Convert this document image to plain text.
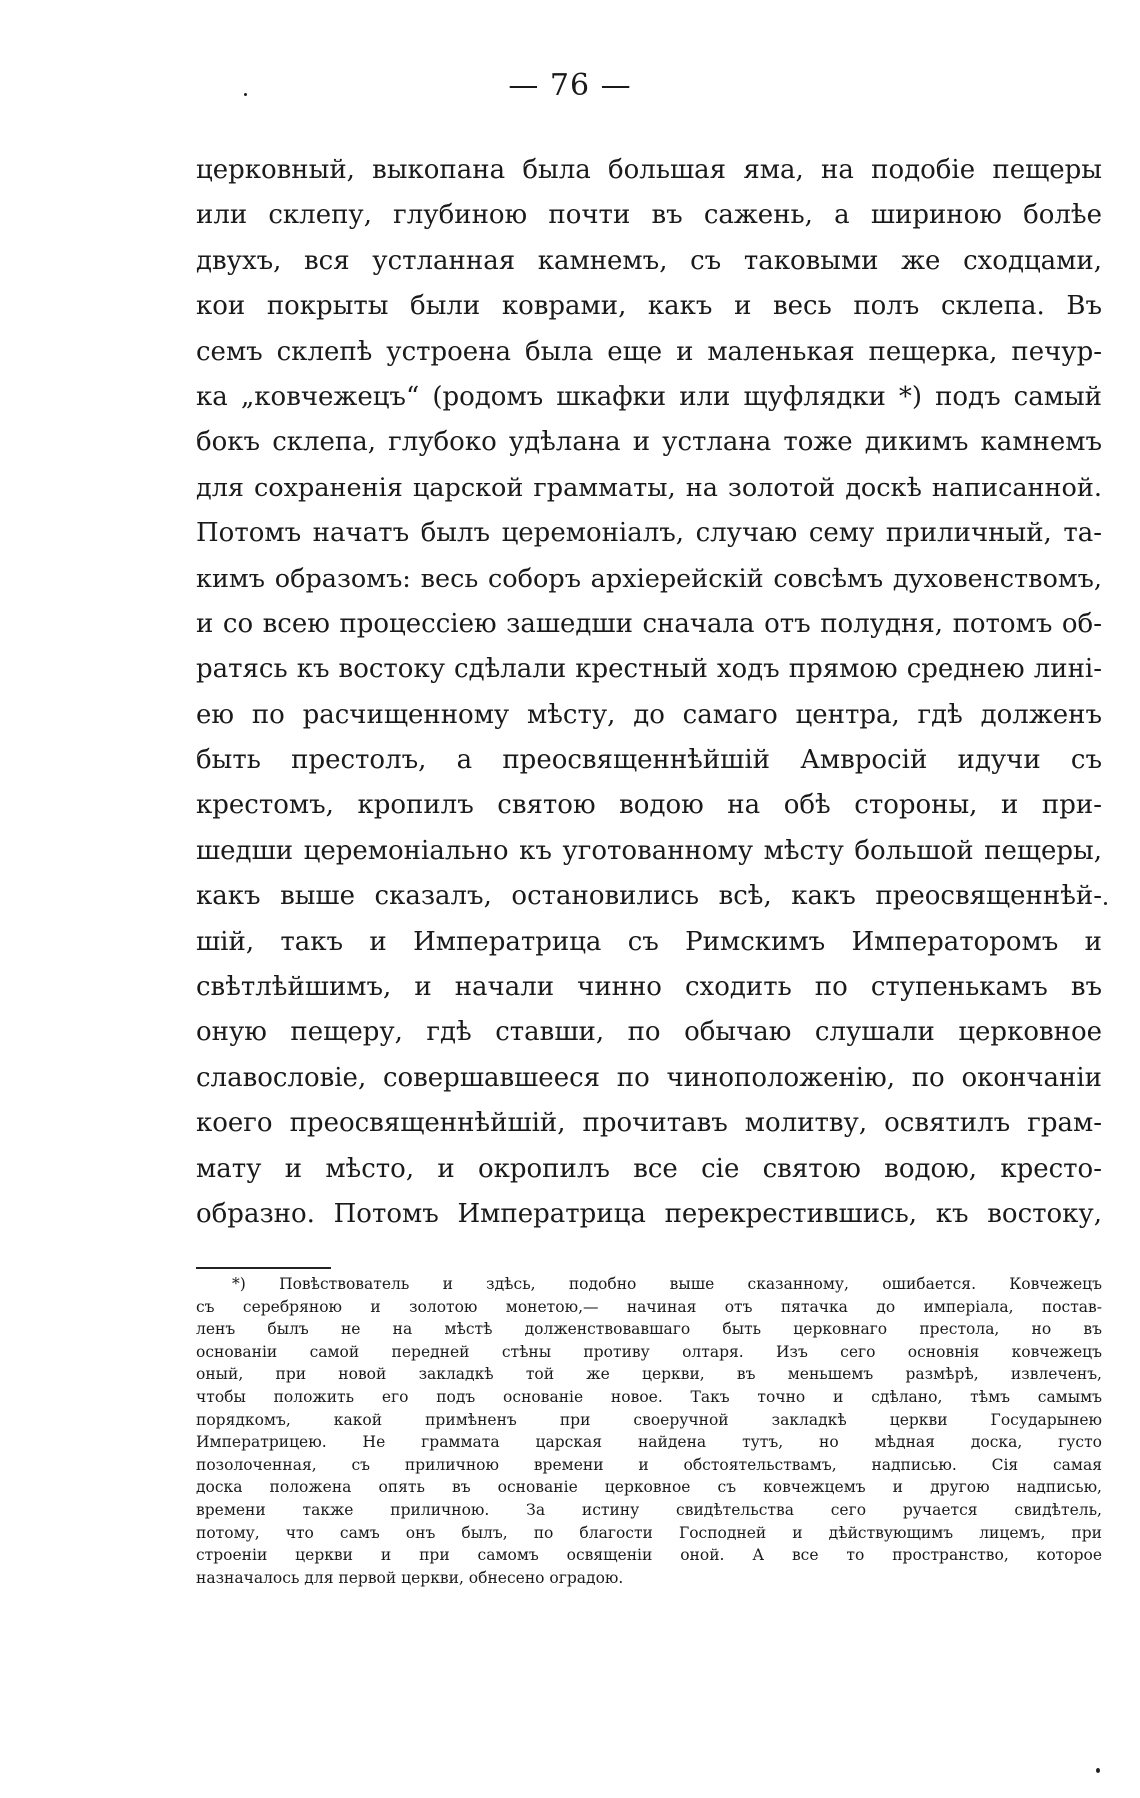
— 76 —
церковный, выкопана была большая яма, на подобіе пещеры
или склепу, глубиною почти въ сажень, а шириною болѣе
двухъ, вся устланная камнемъ, съ таковыми же сходцами,
кои покрыты были коврами, какъ и весь полъ склепа. Въ
семъ склепѣ устроена была еще и маленькая пещерка, печур-
ка „ковчежецъ“ (родомъ шкафки или щуфлядки *) подъ самый
бокъ склепа, глубоко удѣлана и устлана тоже дикимъ камнемъ
для сохраненія царской граммaты, на золотой доскѣ написанной.
Потомъ начатъ былъ церемоніалъ, случаю сему приличный, та-
кимъ образомъ: весь соборъ архіерейскій совсѣмъ духовенствомъ,
и со всею процессіею зашедши сначала отъ полудня, потомъ об-
ратясь къ востоку сдѣлали крестный ходъ прямою среднею лині-
ею по расчищенному мѣсту, до самаго центра, гдѣ долженъ
быть престолъ, а преосвященнѣйшій Амвросій идучи съ
крестомъ, кропилъ святою водою на обѣ стороны, и при-
шедши церемоніально къ уготованному мѣсту большой пещеры,
какъ выше сказалъ, остановились всѣ, какъ преосвященнѣй-
шій, такъ и Императрица съ Римскимъ Императоромъ и
свѣтлѣйшимъ, и начали чинно сходить по ступенькамъ въ
оную пещеру, гдѣ ставши, по обычаю слушали церковное
славословіе, совершавшееся по чиноположенію, по окончаніи
коего преосвященнѣйшій, прочитавъ молитву, освятилъ грам-
мату и мѣсто, и окропилъ все сіе святою водою, кресто-
образно. Потомъ Императрица перекрестившись, къ востоку,
*) Повѣствователь и здѣсь, подобно выше сказанному, ошибается. Ковчежецъ
съ серебряною и золотою монетою,— начиная отъ пятачка до имперіала, постав-
ленъ былъ не на мѣстѣ долженствовавшаго быть церковнаго престола, но въ
основаніи самой передней стѣны противу олтаря. Изъ сего основнія ковчежецъ
оный, при новой закладкѣ той же церкви, въ меньшемъ размѣрѣ, извлеченъ,
чтобы положить его подъ основаніе новое. Такъ точно и сдѣлано, тѣмъ самымъ
порядкомъ, какой примѣненъ при своеручной закладкѣ церкви Государынею
Императрицею. Не граммата царская найдена тутъ, но мѣдная доска, густо
позолоченная, съ приличною времени и обстоятельствамъ, надписью. Сія самая
доска положена опять въ основаніе церковное съ ковчежцемъ и другою надписью,
времени также приличною. За истину свидѣтельства сего ручается свидѣтель,
потому, что самъ онъ былъ, по благости Господней и дѣйствующимъ лицемъ, при
строеніи церкви и при самомъ освященіи оной. А все то пространство, которое
назначалось для первой церкви, обнесено оградою.
